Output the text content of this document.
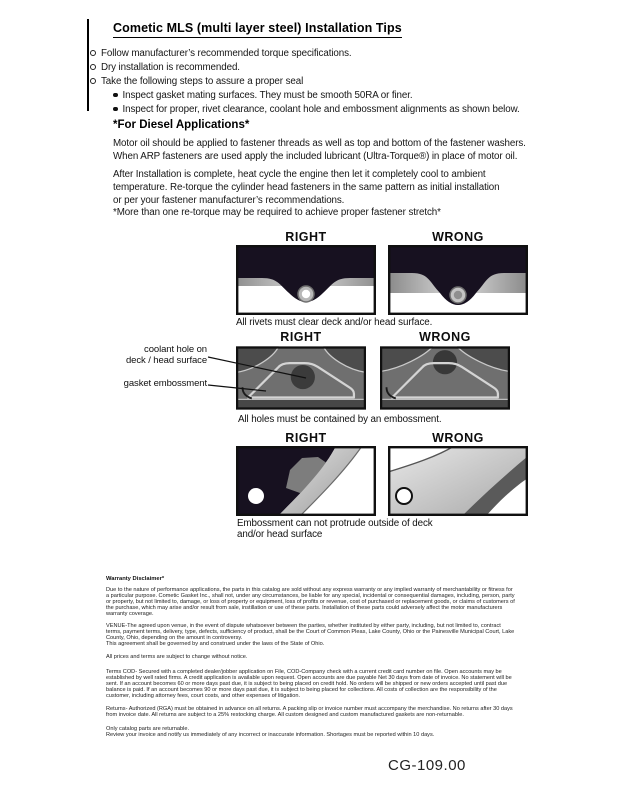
Cometic MLS (multi layer steel) Installation Tips
Follow manufacturer’s recommended torque specifications.
Dry installation is recommended.
Take the following steps to assure a proper seal
Inspect gasket mating surfaces. They must be smooth 50RA or finer.
Inspect for proper, rivet clearance, coolant hole and embossment alignments as shown below.
*For Diesel Applications*
Motor oil should be applied to fastener threads as well as top and bottom of the fastener washers.
When ARP fasteners are used apply the included lubricant (Ultra-Torque®) in place of motor oil.
After Installation is complete, heat cycle the engine then let it completely cool to ambient
temperature. Re-torque the cylinder head fasteners in the same pattern as initial installation
or per your fastener manufacturer’s recommendations.
*More than one re-torque may be required to achieve proper fastener stretch*
RIGHT	WRONG
All rivets must clear deck and/or head surface.
RIGHT	WRONG
coolant hole on
deck / head surface
gasket embossment
All holes must be contained by an embossment.
RIGHT	WRONG
Embossment can not protrude outside of deck
and/or head surface
Warranty Disclaimer*

Due to the nature of performance applications, the parts in this catalog are sold without any express warranty or any implied warranty of merchantability or fitness for a particular purpose. Cometic Gasket Inc., shall not, under any circumstances, be liable for any special, incidental or consequential damages, including, person, party or property, but not limited to, damage, or loss of property or equipment, loss of profits or revenue, cost of purchased or replacement goods, or claims of customers of the purchase, which may arise and/or result from sale, instillation or use of these parts. Installation of these parts could adversely affect the motor manufacturers warranty coverage.

VENUE-The agreed upon venue, in the event of dispute whatsoever between the parties, whether instituted by either party, including, but not limited to, contract terms, payment terms, delivery, type, defects, sufficiency of product, shall be the Court of Common Pleas, Lake County, Ohio or the Painesville Municipal Court, Lake County, Ohio, depending on the amount in controversy.

This agreement shall be governed by and construed under the laws of the State of Ohio.

All prices and terms are subject to change without notice.

Terms COD- Secured with a completed dealer/jobber application on File, COD-Company check with a current credit card number on file. Open accounts may be established by well rated firms. A credit application is available upon request. Open accounts are due payable Net 30 days from date of invoice. No statement will be sent. If an account becomes 60 or more days past due, it is subject to being placed on credit hold. No orders will be shipped or new orders accepted until past due balance is paid. If an account becomes 90 or more days past due, it is subject to being placed for collections. All costs of collection are the responsibility of the customer, including attorney fees, court costs, and other expenses of litigation.

Returns- Authorized (RGA) must be obtained in advance on all returns. A packing slip or invoice number must accompany the merchandise. No returns after 30 days from invoice date. All returns are subject to a 25% restocking charge. All custom designed and custom manufactured gaskets are non-returnable.

Only catalog parts are returnable.

Review your invoice and notify us immediately of any incorrect or inaccurate information. Shortages must be reported within 10 days.

CG-109.00
